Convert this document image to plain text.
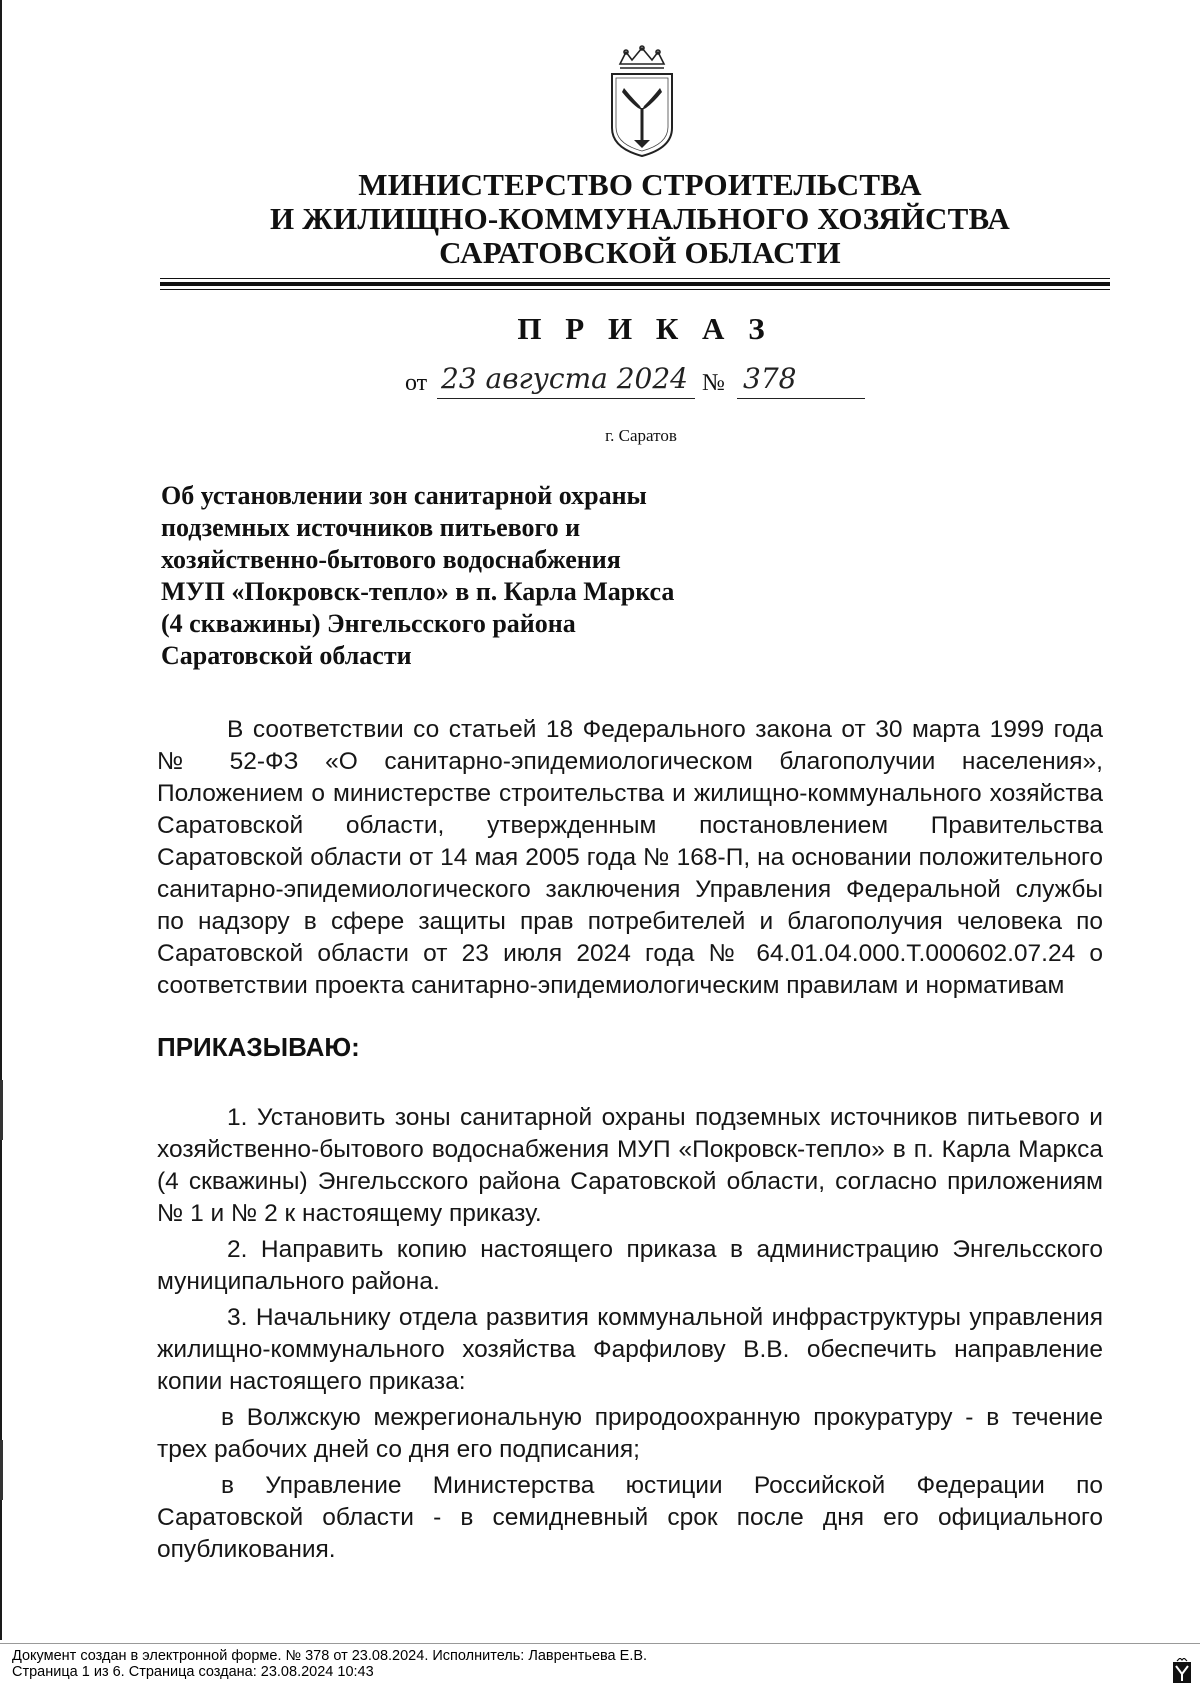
МИНИСТЕРСТВО СТРОИТЕЛЬСТВА
И ЖИЛИЩНО-КОММУНАЛЬНОГО ХОЗЯЙСТВА
САРАТОВСКОЙ ОБЛАСТИ
П Р И К А З
от 23 августа 2024 № 378
г. Саратов
Об установлении зон санитарной охраны
подземных источников питьевого и
хозяйственно-бытового водоснабжения
МУП «Покровск-тепло» в п. Карла Маркса
(4 скважины) Энгельсского района
Саратовской области

В соответствии со статьей 18 Федерального закона от 30 марта 1999 года № 52-ФЗ «О санитарно-эпидемиологическом благополучии населения», Положением о министерстве строительства и жилищно-коммунального хозяйства Саратовской области, утвержденным постановлением Правительства Саратовской области от 14 мая 2005 года № 168-П, на основании положительного санитарно-эпидемиологического заключения Управления Федеральной службы по надзору в сфере защиты прав потребителей и благополучия человека по Саратовской области от 23 июля 2024 года № 64.01.04.000.Т.000602.07.24 о соответствии проекта санитарно-эпидемиологическим правилам и нормативам

ПРИКАЗЫВАЮ:

1. Установить зоны санитарной охраны подземных источников питьевого и хозяйственно-бытового водоснабжения МУП «Покровск-тепло» в п. Карла Маркса (4 скважины) Энгельсского района Саратовской области, согласно приложениям № 1 и № 2 к настоящему приказу.

2. Направить копию настоящего приказа в администрацию Энгельсского муниципального района.

3. Начальнику отдела развития коммунальной инфраструктуры управления жилищно-коммунального хозяйства Фарфилову В.В. обеспечить направление копии настоящего приказа:

в Волжскую межрегиональную природоохранную прокуратуру - в течение трех рабочих дней со дня его подписания;

в Управление Министерства юстиции Российской Федерации по Саратовской области - в семидневный срок после дня его официального опубликования.

Документ создан в электронной форме. № 378 от 23.08.2024. Исполнитель: Лаврентьева Е.В.
Страница 1 из 6. Страница создана: 23.08.2024 10:43
